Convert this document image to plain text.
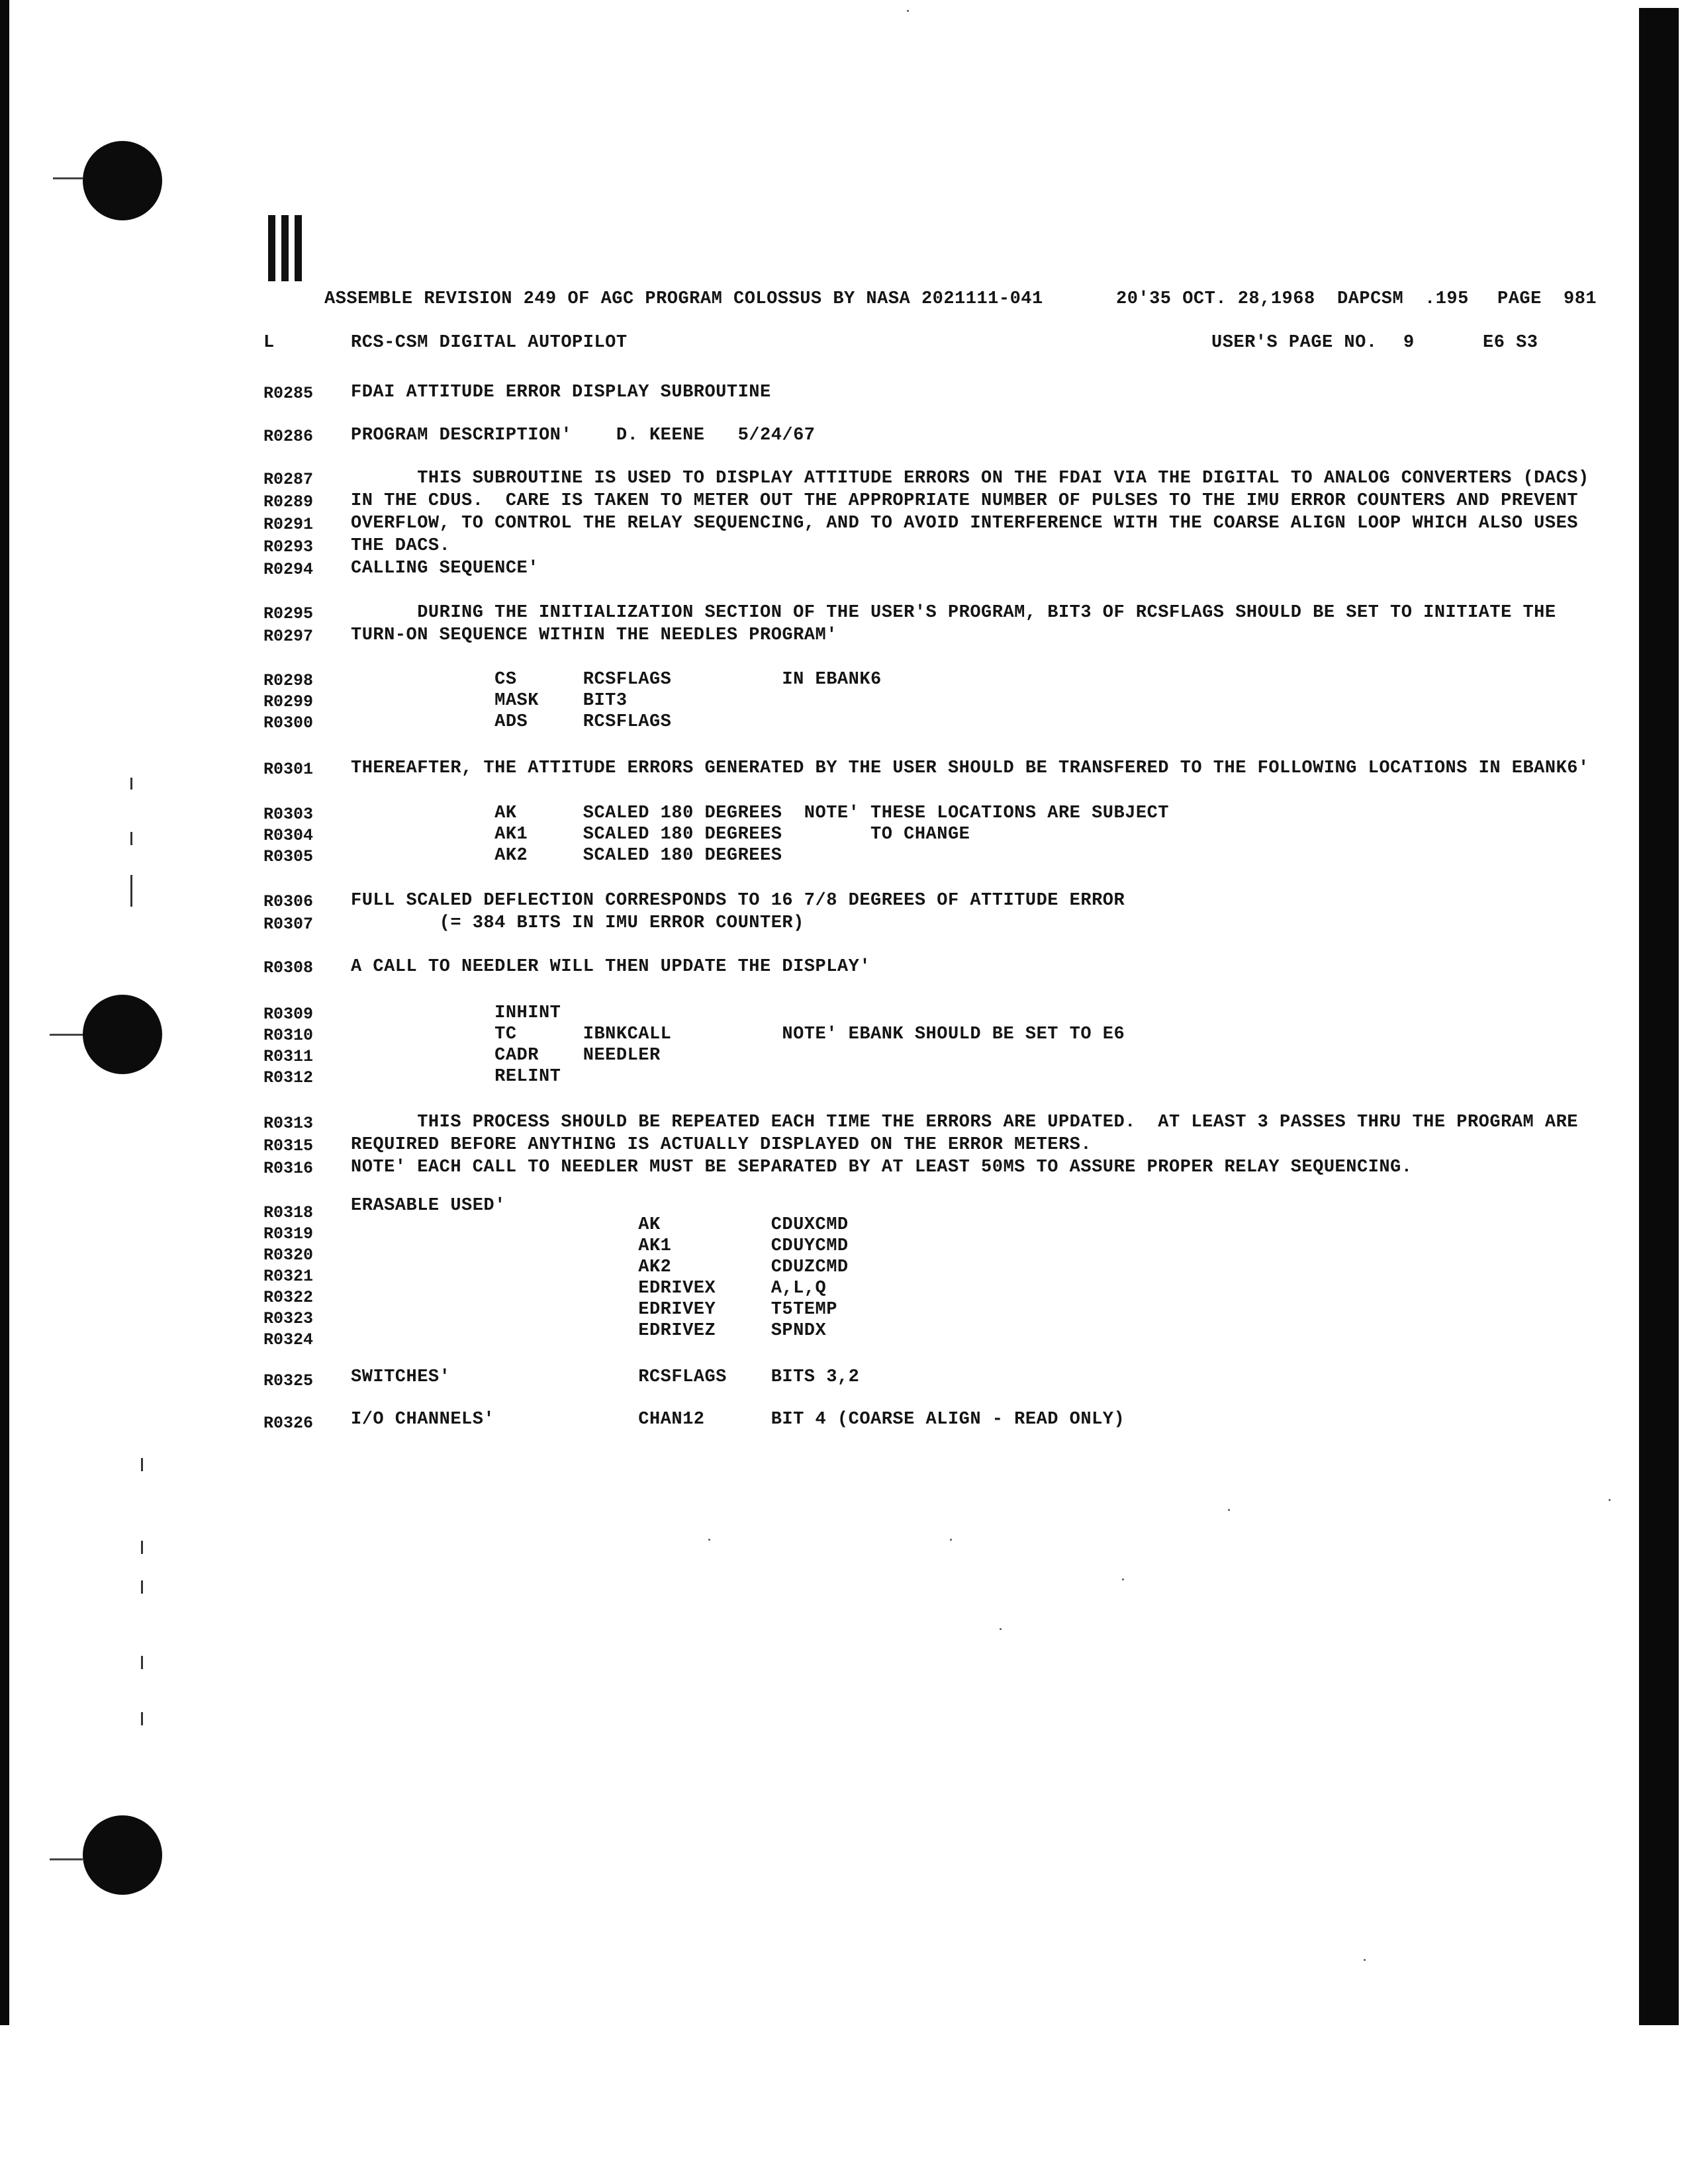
ASSEMBLE REVISION 249 OF AGC PROGRAM COLOSSUS BY NASA 2021111-041	20'35 OCT. 28,1968 DAPCSM .195 PAGE 981
L	RCS-CSM DIGITAL AUTOPILOT	USER'S PAGE NO. 9	E6 S3
R0285 FDAI ATTITUDE ERROR DISPLAY SUBROUTINE
R0286 PROGRAM DESCRIPTION'    D. KEENE   5/24/67
R0287 THIS SUBROUTINE IS USED TO DISPLAY ATTITUDE ERRORS ON THE FDAI VIA THE DIGITAL TO ANALOG CONVERTERS (DACS)
R0289 IN THE CDUS.  CARE IS TAKEN TO METER OUT THE APPROPRIATE NUMBER OF PULSES TO THE IMU ERROR COUNTERS AND PREVENT
R0291 OVERFLOW, TO CONTROL THE RELAY SEQUENCING, AND TO AVOID INTERFERENCE WITH THE COARSE ALIGN LOOP WHICH ALSO USES
R0293 THE DACS.
R0294 CALLING SEQUENCE'
R0295 DURING THE INITIALIZATION SECTION OF THE USER'S PROGRAM, BIT3 OF RCSFLAGS SHOULD BE SET TO INITIATE THE
R0297 TURN-ON SEQUENCE WITHIN THE NEEDLES PROGRAM'
R0298 CS      RCSFLAGS          IN EBANK6
R0299 MASK    BIT3
R0300 ADS     RCSFLAGS
R0301 THEREAFTER, THE ATTITUDE ERRORS GENERATED BY THE USER SHOULD BE TRANSFERED TO THE FOLLOWING LOCATIONS IN EBANK6'
R0303 AK      SCALED 180 DEGREES  NOTE' THESE LOCATIONS ARE SUBJECT
R0304 AK1     SCALED 180 DEGREES        TO CHANGE
R0305 AK2     SCALED 180 DEGREES
R0306 FULL SCALED DEFLECTION CORRESPONDS TO 16 7/8 DEGREES OF ATTITUDE ERROR
R0307 (= 384 BITS IN IMU ERROR COUNTER)
R0308 A CALL TO NEEDLER WILL THEN UPDATE THE DISPLAY'
R0309 INHINT
R0310 TC      IBNKCALL          NOTE' EBANK SHOULD BE SET TO E6
R0311 CADR    NEEDLER
R0312 RELINT
R0313 THIS PROCESS SHOULD BE REPEATED EACH TIME THE ERRORS ARE UPDATED.  AT LEAST 3 PASSES THRU THE PROGRAM ARE
R0315 REQUIRED BEFORE ANYTHING IS ACTUALLY DISPLAYED ON THE ERROR METERS.
R0316 NOTE' EACH CALL TO NEEDLER MUST BE SEPARATED BY AT LEAST 50MS TO ASSURE PROPER RELAY SEQUENCING.
R0318 ERASABLE USED'
R0319 AK          CDUXCMD
R0320 AK1         CDUYCMD
R0321 AK2         CDUZCMD
R0322 EDRIVEX     A,L,Q
R0323 EDRIVEY     T5TEMP
R0324 EDRIVEZ     SPNDX
R0325 SWITCHES'                 RCSFLAGS    BITS 3,2
R0326 I/O CHANNELS'             CHAN12      BIT 4 (COARSE ALIGN - READ ONLY)
